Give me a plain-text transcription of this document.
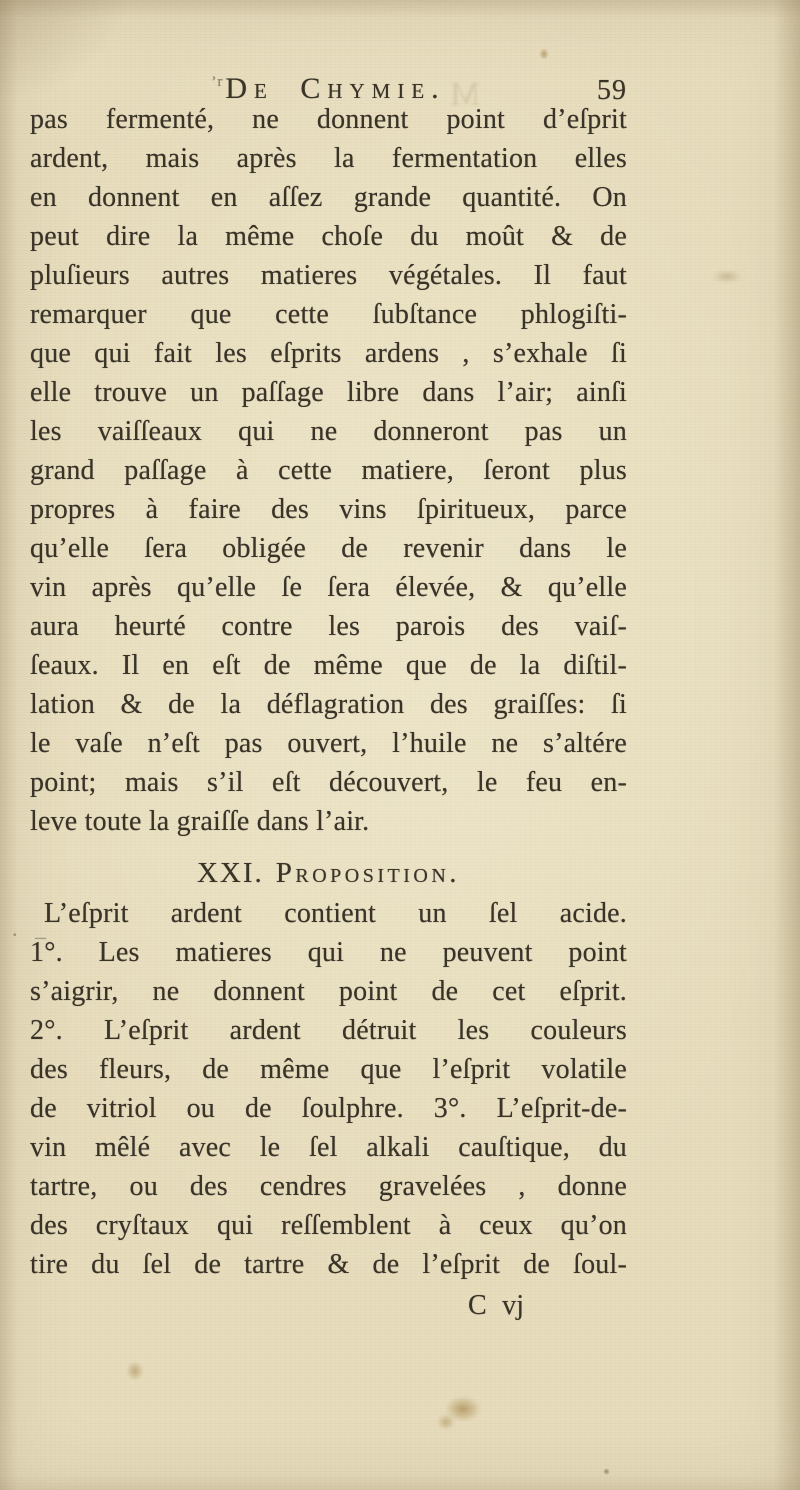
$^{’r}$De Chymie.	59
M
pas fermenté, ne donnent point d’eſprit
ardent, mais après la fermentation elles
en donnent en aſſez grande quantité. On
peut dire la même choſe du moût & de
pluſieurs autres matieres végétales. Il faut
remarquer que cette ſubſtance phlogiſti-
que qui fait les eſprits ardens , s’exhale ſi
elle trouve un paſſage libre dans l’air; ainſi
les vaiſſeaux qui ne donneront pas un
grand paſſage à cette matiere, ſeront plus
propres à faire des vins ſpiritueux, parce
qu’elle ſera obligée de revenir dans le
vin après qu’elle ſe ſera élevée, & qu’elle
aura heurté contre les parois des vaiſ-
ſeaux. Il en eſt de même que de la diſtil-
lation & de la déflagration des graiſſes: ſi
le vaſe n’eſt pas ouvert, l’huile ne s’altére
point; mais s’il eſt découvert, le feu en-
leve toute la graiſſe dans l’air.
XXI. Proposition.
L’eſprit ardent contient un ſel acide.
1°. Les matieres qui ne peuvent point
s’aigrir, ne donnent point de cet eſprit.
2°. L’eſprit ardent détruit les couleurs
des fleurs, de même que l’eſprit volatile
de vitriol ou de ſoulphre. 3°. L’eſprit-de-
vin mêlé avec le ſel alkali cauſtique, du
tartre, ou des cendres gravelées , donne
des cryſtaux qui reſſemblent à ceux qu’on
tire du ſel de tartre & de l’eſprit de ſoul-
C vj
. _
